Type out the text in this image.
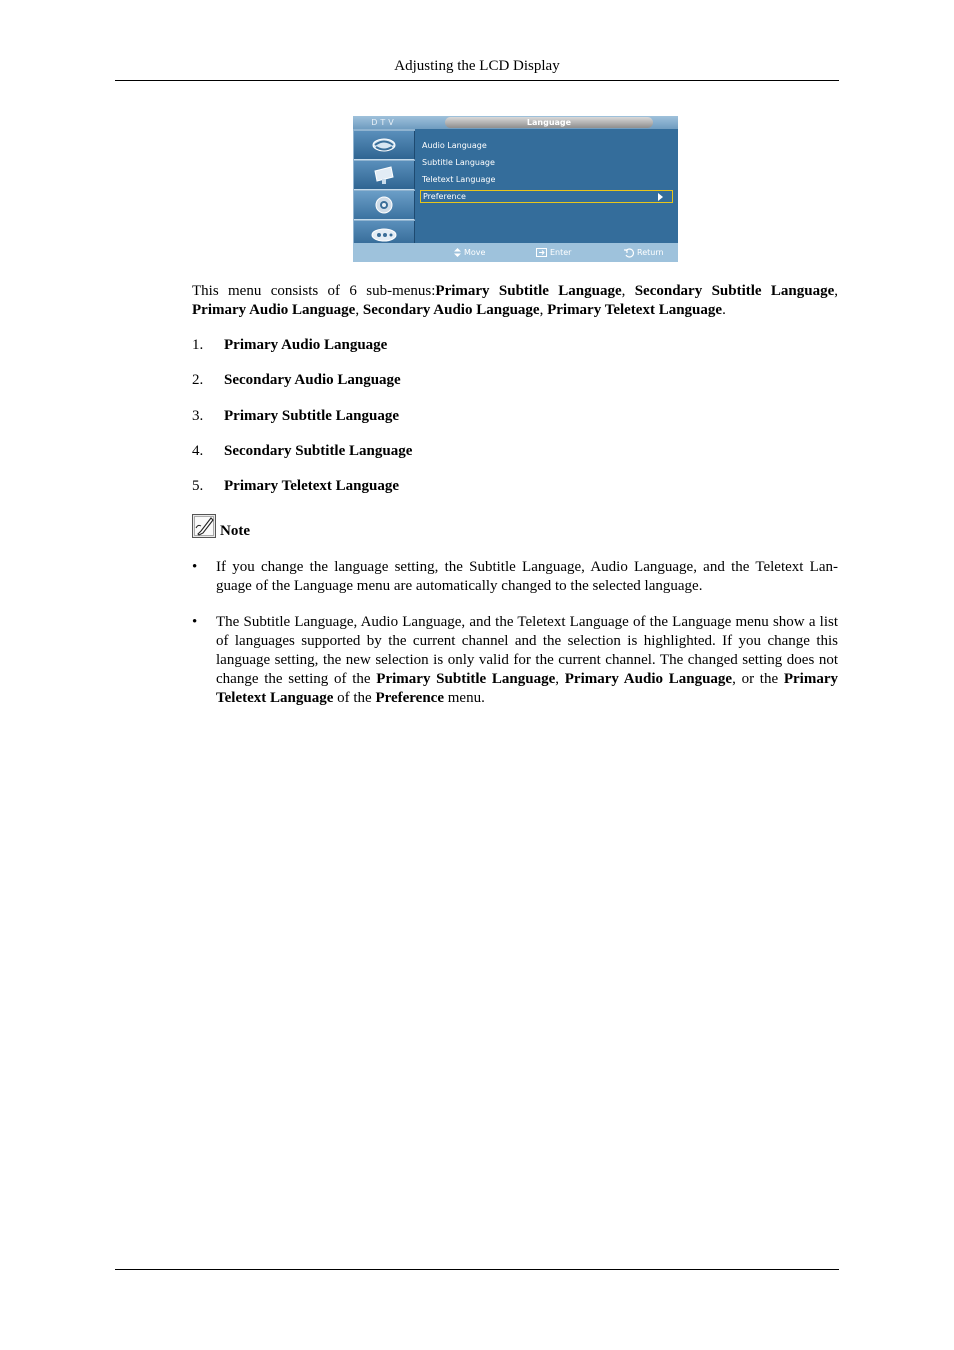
Adjusting the LCD Display
DTV	Language
Audio Language
Subtitle Language
Teletext Language
Preference
Move	Enter	Return
This menu consists of 6 sub-menus:Primary Subtitle Language, Secondary Subtitle Language, Primary Audio Language, Secondary Audio Language, Primary Teletext Language.
1. Primary Audio Language
2. Secondary Audio Language
3. Primary Subtitle Language
4. Secondary Subtitle Language
5. Primary Teletext Language
Note
• If you change the language setting, the Subtitle Language, Audio Language, and the Teletext Lan-
guage of the Language menu are automatically changed to the selected language.
• The Subtitle Language, Audio Language, and the Teletext Language of the Language menu show a list of languages supported by the current channel and the selection is highlighted. If you change this language setting, the new selection is only valid for the current channel. The changed setting does not change the setting of the Primary Subtitle Language, Primary Audio Language, or the Primary Teletext Language of the Preference menu.
